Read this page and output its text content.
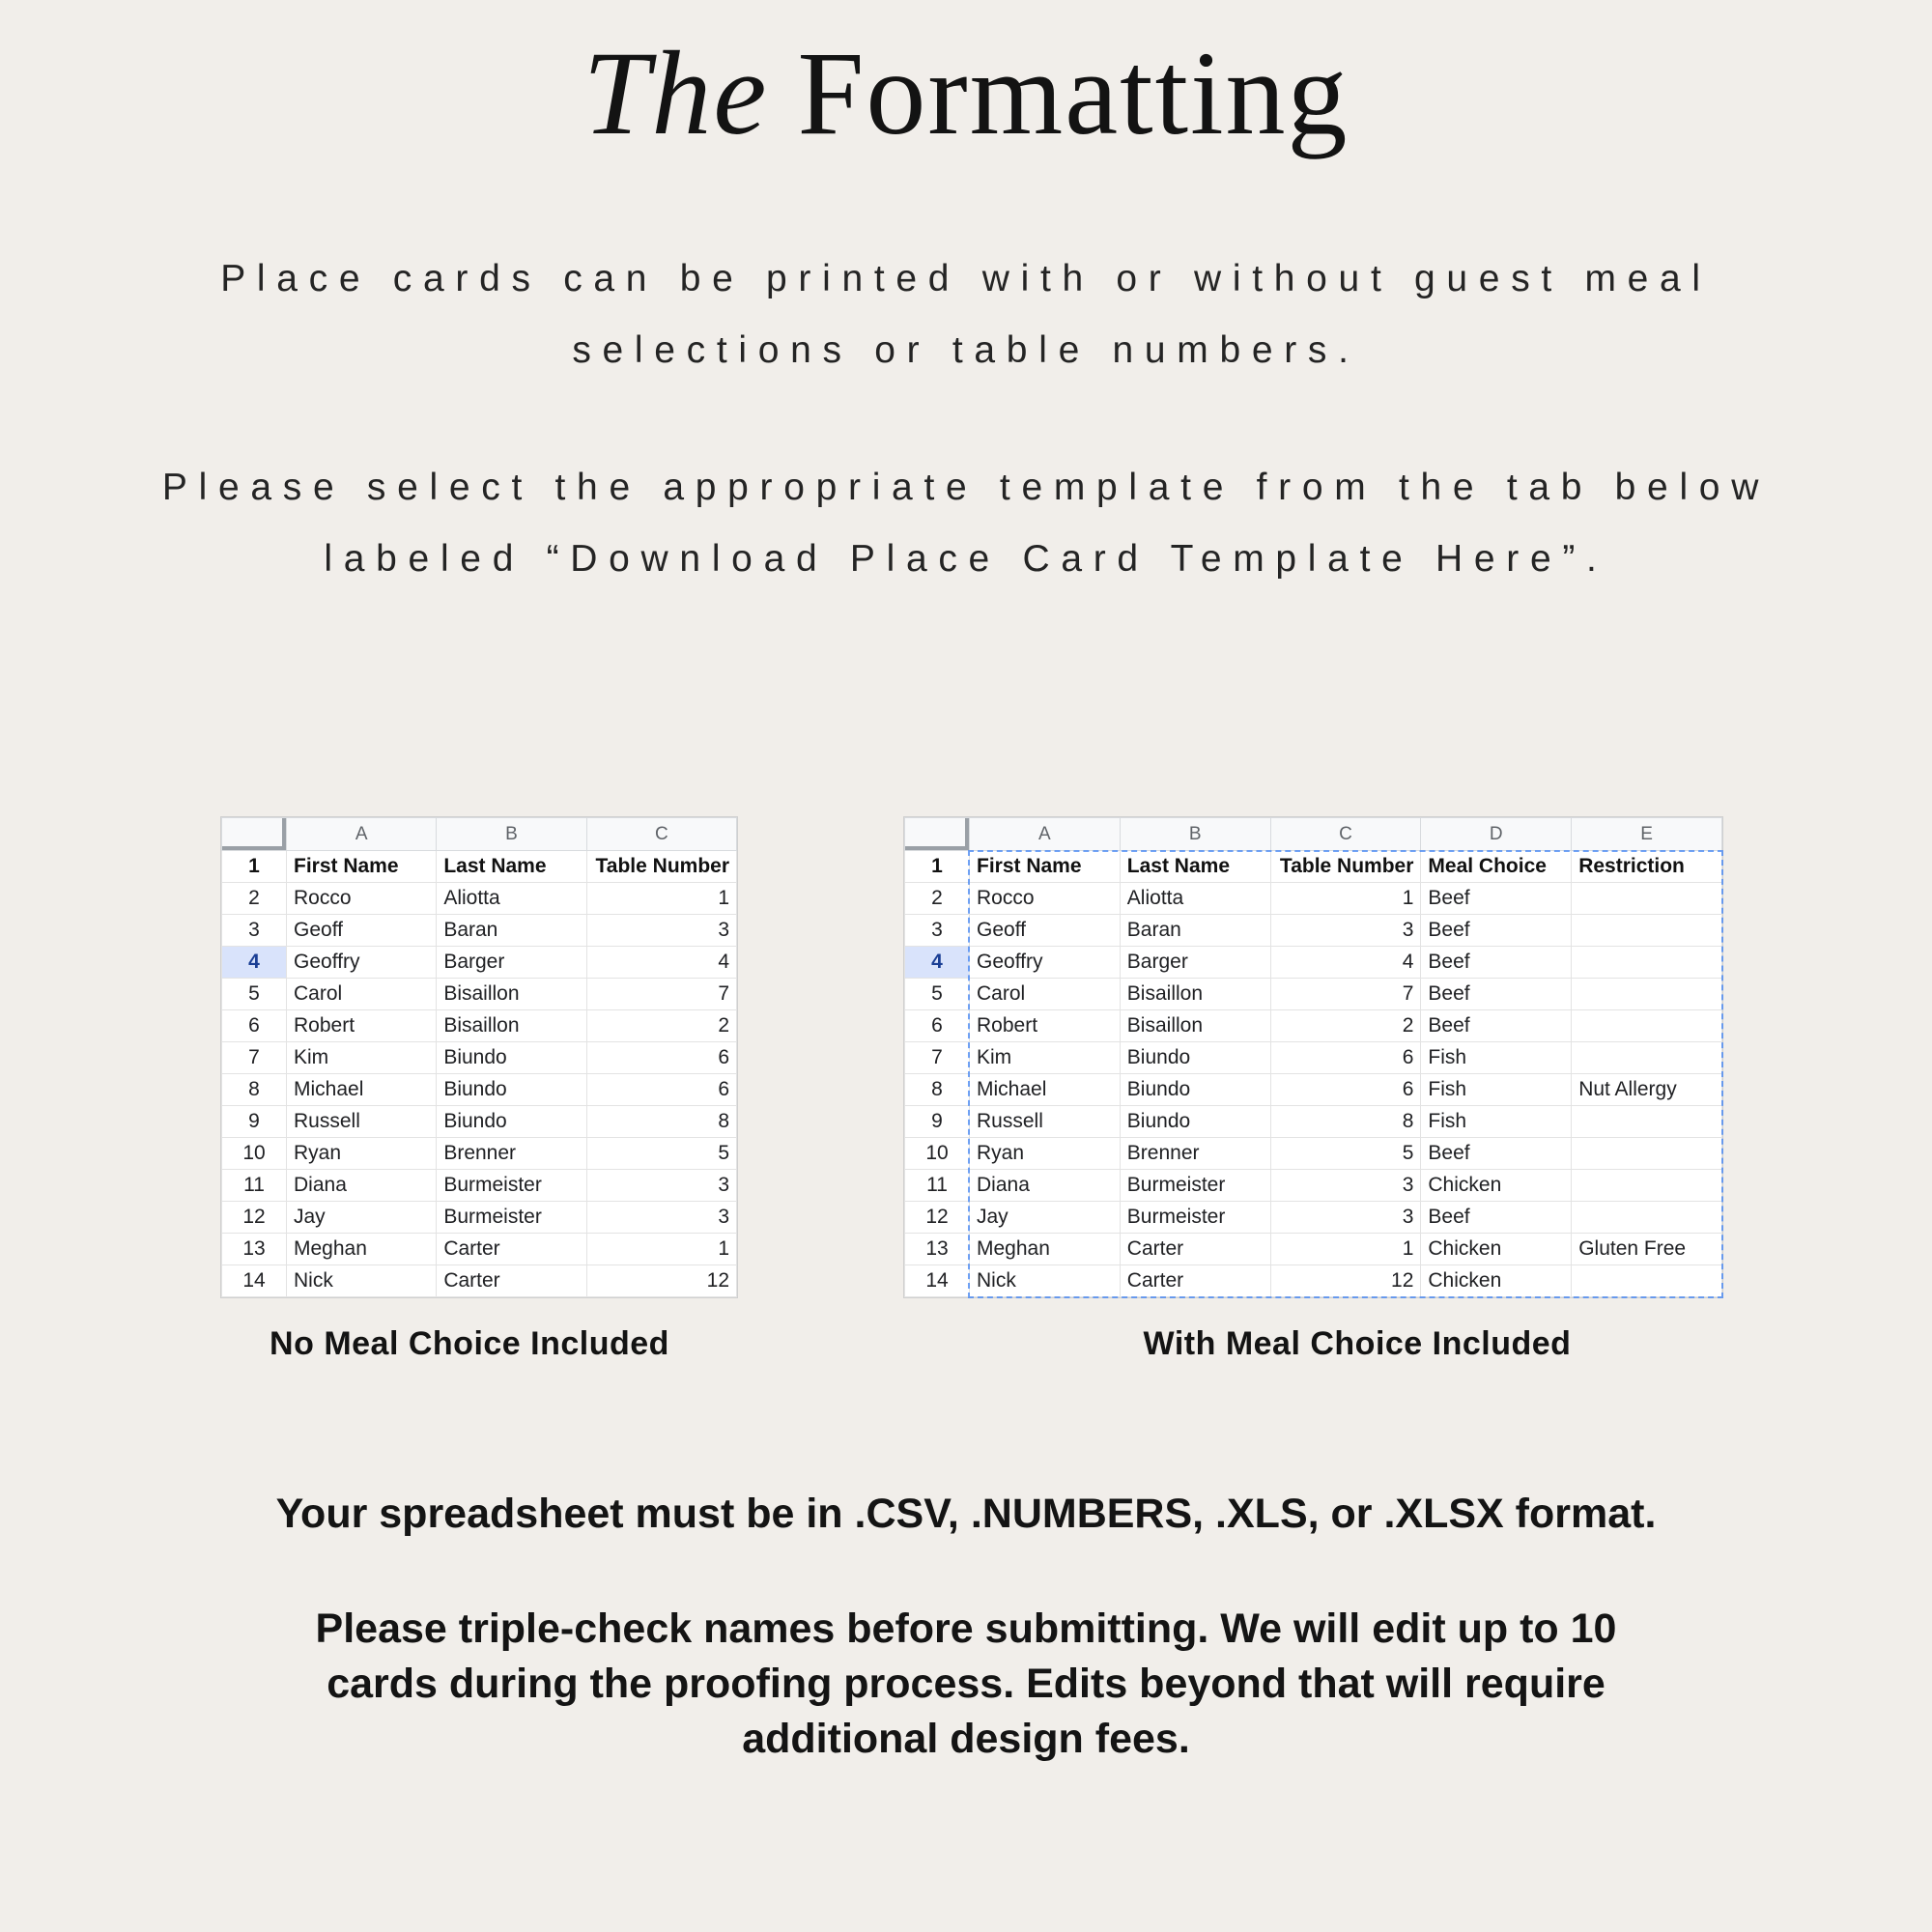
The Formatting
Place cards can be printed with or without guest meal
selections or table numbers.
Please select the appropriate template from the tab below
labeled “Download Place Card Template Here”.
	A	B	C
1	First Name	Last Name	Table Number
2	Rocco	Aliotta	1
3	Geoff	Baran	3
4	Geoffry	Barger	4
5	Carol	Bisaillon	7
6	Robert	Bisaillon	2
7	Kim	Biundo	6
8	Michael	Biundo	6
9	Russell	Biundo	8
10	Ryan	Brenner	5
11	Diana	Burmeister	3
12	Jay	Burmeister	3
13	Meghan	Carter	1
14	Nick	Carter	12
	A	B	C	D	E
1	First Name	Last Name	Table Number	Meal Choice	Restriction
2	Rocco	Aliotta	1	Beef	
3	Geoff	Baran	3	Beef	
4	Geoffry	Barger	4	Beef	
5	Carol	Bisaillon	7	Beef	
6	Robert	Bisaillon	2	Beef	
7	Kim	Biundo	6	Fish	
8	Michael	Biundo	6	Fish	Nut Allergy
9	Russell	Biundo	8	Fish	
10	Ryan	Brenner	5	Beef	
11	Diana	Burmeister	3	Chicken	
12	Jay	Burmeister	3	Beef	
13	Meghan	Carter	1	Chicken	Gluten Free
14	Nick	Carter	12	Chicken	
No Meal Choice Included	With Meal Choice Included
Your spreadsheet must be in .CSV, .NUMBERS, .XLS, or .XLSX format.
Please triple-check names before submitting. We will edit up to 10
cards during the proofing process. Edits beyond that will require
additional design fees.
